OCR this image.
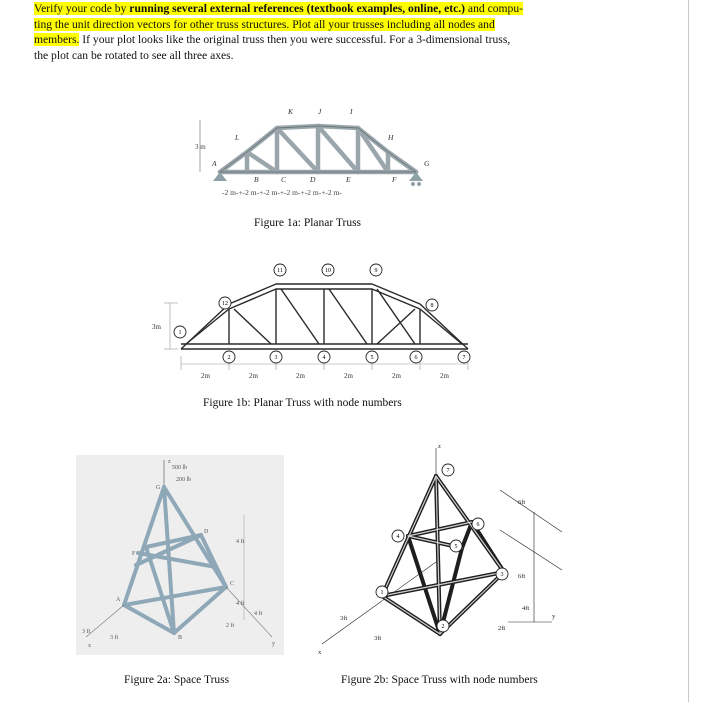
Verify your code by running several external references (textbook examples, online, etc.) and compu-
ting the unit direction vectors for other truss structures. Plot all your trusses including all nodes and
members. If your plot looks like the original truss then you were successful. For a 3-dimensional truss,
the plot can be rotated to see all three axes.
3 m
K	J	I
L	H
A	G
B	C	D	E	F
-2 m-+-2 m-+-2 m-+-2 m-+-2 m-+-2 m-
Figure 1a: Planar Truss
3m
2m	2m	2m	2m	2m	2m
1
2	3	4	5	6	7
8
9
10
11
12
Figure 1b: Planar Truss with node numbers
500 lb
200 lb
4 ft
4 ft
4 ft
2 ft
3 ft
3 ft
A
B
C
D
F
G
x	y
z
Figure 2a: Space Truss
z
x
y
6ft
6ft
4ft
2ft
3ft
3ft
1
2
3
4
5
6
7
Figure 2b: Space Truss with node numbers
